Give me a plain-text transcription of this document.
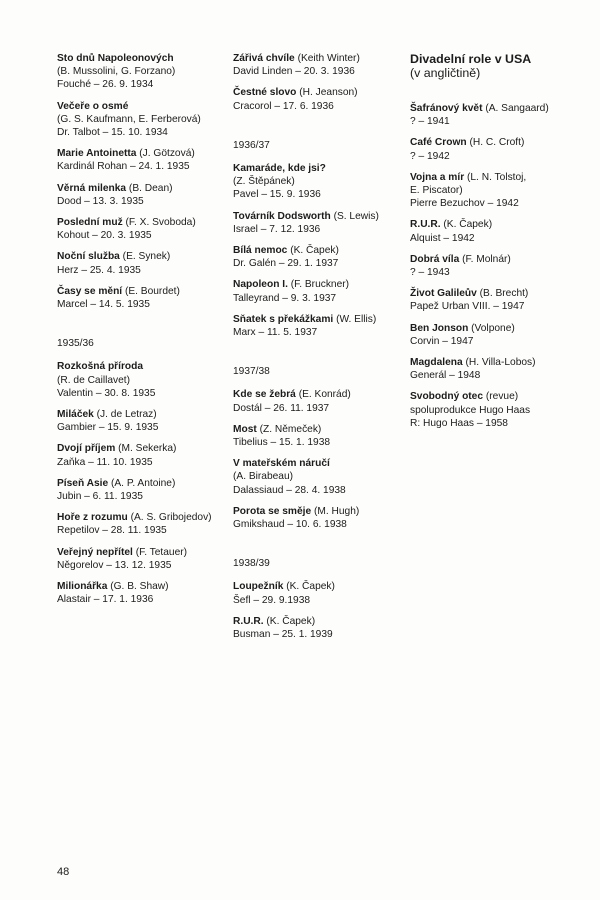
Sto dnů Napoleonových
(B. Mussolini, G. Forzano)
Fouché – 26. 9. 1934
Večeře o osmé
(G. S. Kaufmann, E. Ferberová)
Dr. Talbot – 15. 10. 1934
Marie Antoinetta (J. Götzová)
Kardinál Rohan – 24. 1. 1935
Věrná milenka (B. Dean)
Dood – 13. 3. 1935
Poslední muž (F. X. Svoboda)
Kohout – 20. 3. 1935
Noční služba (E. Synek)
Herz – 25. 4. 1935
Časy se mění (E. Bourdet)
Marcel – 14. 5. 1935
1935/36
Rozkošná příroda
(R. de Caillavet)
Valentin – 30. 8. 1935
Miláček (J. de Letraz)
Gambier – 15. 9. 1935
Dvojí příjem (M. Sekerka)
Zaňka – 11. 10. 1935
Píseň Asie (A. P. Antoine)
Jubin – 6. 11. 1935
Hoře z rozumu (A. S. Gribojedov)
Repetilov – 28. 11. 1935
Veřejný nepřítel (F. Tetauer)
Něgorelov – 13. 12. 1935
Milionářka (G. B. Shaw)
Alastair – 17. 1. 1936
Zářivá chvíle (Keith Winter)
David Linden – 20. 3. 1936
Čestné slovo (H. Jeanson)
Cracorol – 17. 6. 1936
1936/37
Kamaráde, kde jsi?
(Z. Štěpánek)
Pavel – 15. 9. 1936
Továrník Dodsworth (S. Lewis)
Israel – 7. 12. 1936
Bílá nemoc (K. Čapek)
Dr. Galén – 29. 1. 1937
Napoleon I. (F. Bruckner)
Talleyrand – 9. 3. 1937
Sňatek s překážkami (W. Ellis)
Marx – 11. 5. 1937
1937/38
Kde se žebrá (E. Konrád)
Dostál – 26. 11. 1937
Most (Z. Němeček)
Tibelius – 15. 1. 1938
V mateřském náručí
(A. Birabeau)
Dalassiaud – 28. 4. 1938
Porota se směje (M. Hugh)
Gmikshaud – 10. 6. 1938
1938/39
Loupežník (K. Čapek)
Šefl – 29. 9.1938
R.U.R. (K. Čapek)
Busman – 25. 1. 1939
Divadelní role v USA
(v angličtině)
Šafránový květ (A. Sangaard)
? – 1941
Café Crown (H. C. Croft)
? – 1942
Vojna a mír (L. N. Tolstoj,
E. Piscator)
Pierre Bezuchov – 1942
R.U.R. (K. Čapek)
Alquist – 1942
Dobrá víla (F. Molnár)
? – 1943
Život Galileův (B. Brecht)
Papež Urban VIII. – 1947
Ben Jonson (Volpone)
Corvin – 1947
Magdalena (H. Villa-Lobos)
Generál – 1948
Svobodný otec (revue)
spoluprodukce Hugo Haas
R: Hugo Haas – 1958
48
